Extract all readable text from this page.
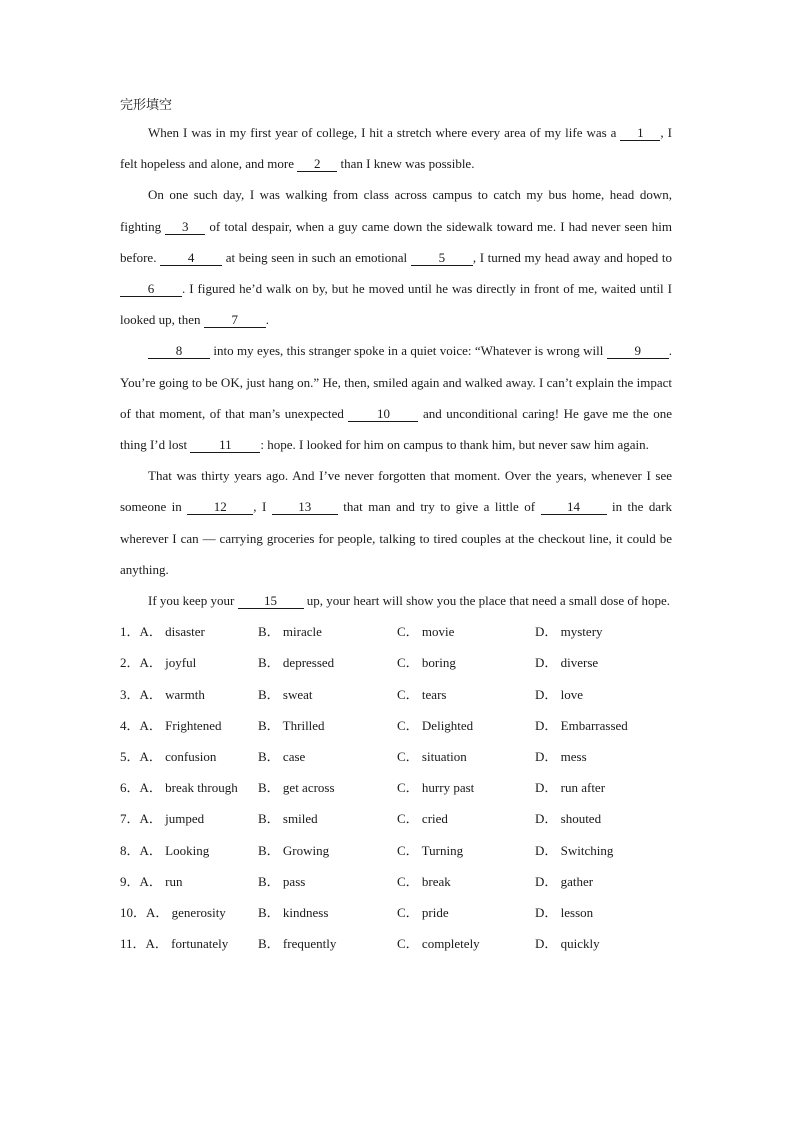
完形填空

When I was in my first year of college, I hit a stretch where every area of my life was a 1 , I felt hopeless and alone, and more 2 than I knew was possible.

On one such day, I was walking from class across campus to catch my bus home, head down, fighting 3 of total despair, when a guy came down the sidewalk toward me. I had never seen him before. 4 at being seen in such an emotional 5 , I turned my head away and hoped to 6 . I figured he’d walk on by, but he moved until he was directly in front of me, waited until I looked up, then 7 .

8 into my eyes, this stranger spoke in a quiet voice: “Whatever is wrong will 9 . You’re going to be OK, just hang on.” He, then, smiled again and walked away. I can’t explain the impact of that moment, of that man’s unexpected 10 and unconditional caring! He gave me the one thing I’d lost 11 : hope. I looked for him on campus to thank him, but never saw him again.

That was thirty years ago. And I’ve never forgotten that moment. Over the years, whenever I see someone in 12 , I 13 that man and try to give a little of 14 in the dark wherever I can — carrying groceries for people, talking to tired couples at the checkout line, it could be anything.

If you keep your 15 up, your heart will show you the place that need a small dose of hope.

1．A． disaster	B． miracle	C． movie	D． mystery
2．A． joyful	B． depressed	C． boring	D． diverse
3．A． warmth	B． sweat	C． tears	D． love
4．A． Frightened	B． Thrilled	C． Delighted	D． Embarrassed
5．A． confusion	B． case	C． situation	D． mess
6．A． break through	B． get across	C． hurry past	D． run after
7．A． jumped	B． smiled	C． cried	D． shouted
8．A． Looking	B． Growing	C． Turning	D． Switching
9．A． run	B． pass	C． break	D． gather
10．A． generosity	B． kindness	C． pride	D． lesson
11．A． fortunately	B． frequently	C． completely	D． quickly
